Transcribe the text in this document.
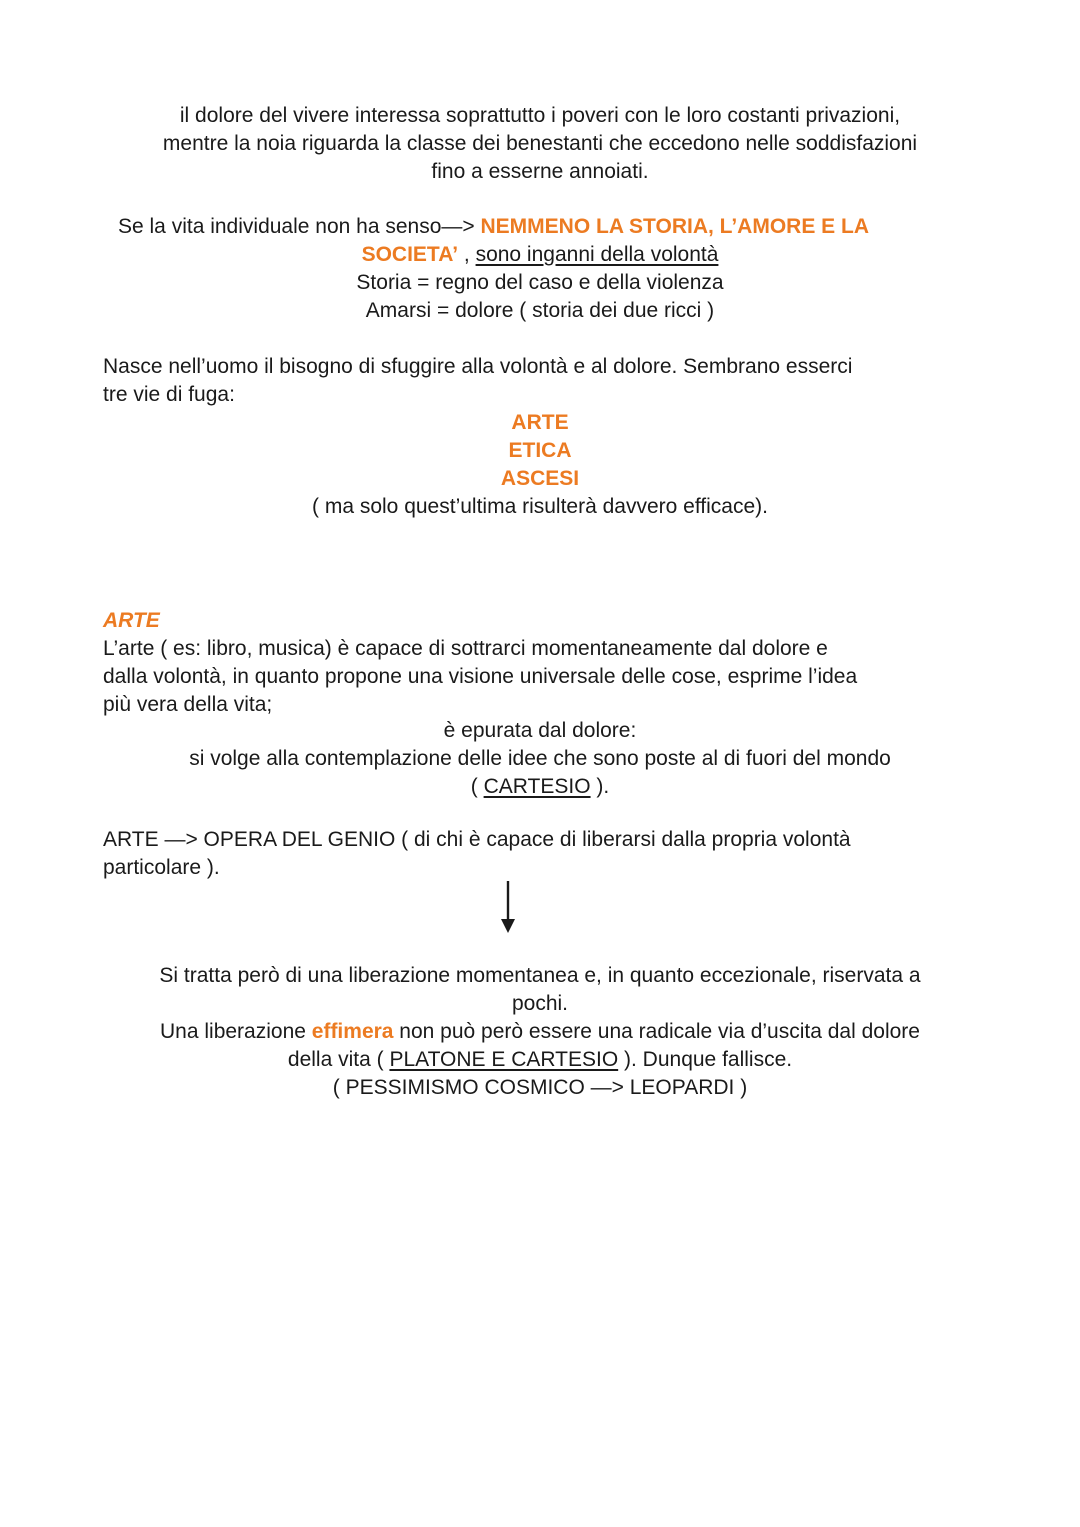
il dolore del vivere interessa soprattutto i poveri con le loro costanti privazioni,
mentre la noia riguarda la classe dei benestanti che eccedono nelle soddisfazioni
fino a esserne annoiati.

Se la vita individuale non ha senso—> NEMMENO LA STORIA, L’AMORE E LA

SOCIETA’ , sono inganni della volontà
Storia = regno del caso e della violenza
Amarsi = dolore ( storia dei due ricci )

Nasce nell’uomo il bisogno di sfuggire alla volontà e al dolore. Sembrano esserci
tre vie di fuga:

ARTE
ETICA
ASCESI
( ma solo quest’ultima risulterà davvero efficace).

ARTE

L’arte ( es: libro, musica) è capace di sottrarci momentaneamente dal dolore e
dalla volontà, in quanto propone una visione universale delle cose, esprime l’idea
più vera della vita;

è epurata dal dolore:
si volge alla contemplazione delle idee che sono poste al di fuori del mondo
( CARTESIO ).

ARTE —> OPERA DEL GENIO ( di chi è capace di liberarsi dalla propria volontà
particolare ).

Si tratta però di una liberazione momentanea e, in quanto eccezionale, riservata a
pochi.
Una liberazione effimera non può però essere una radicale via d’uscita dal dolore
della vita ( PLATONE E CARTESIO ). Dunque fallisce.
( PESSIMISMO COSMICO —> LEOPARDI )
